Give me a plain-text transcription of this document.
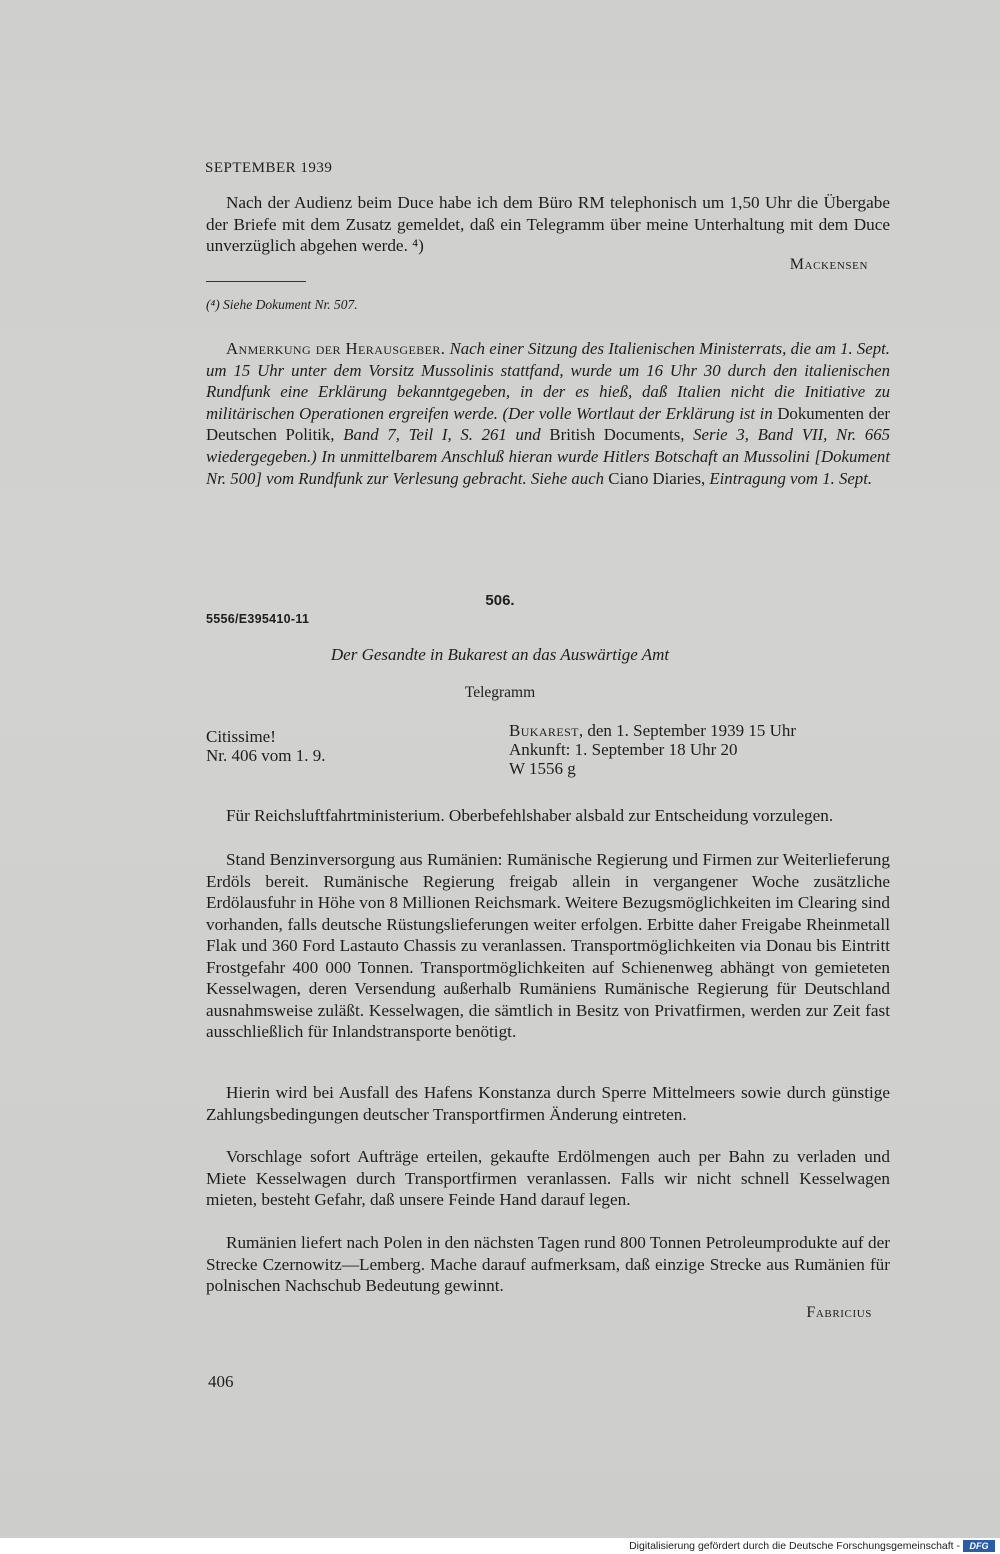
SEPTEMBER 1939
Nach der Audienz beim Duce habe ich dem Büro RM telephonisch um 1,50 Uhr die Übergabe der Briefe mit dem Zusatz gemeldet, daß ein Telegramm über meine Unterhaltung mit dem Duce unverzüglich abgehen werde. ⁴)
Mackensen
(⁴) Siehe Dokument Nr. 507.
Anmerkung der Herausgeber. Nach einer Sitzung des Italienischen Ministerrats, die am 1. Sept. um 15 Uhr unter dem Vorsitz Mussolinis stattfand, wurde um 16 Uhr 30 durch den italienischen Rundfunk eine Erklärung bekanntgegeben, in der es hieß, daß Italien nicht die Initiative zu militärischen Operationen ergreifen werde. (Der volle Wortlaut der Erklärung ist in Dokumenten der Deutschen Politik, Band 7, Teil I, S. 261 und British Documents, Serie 3, Band VII, Nr. 665 wiedergegeben.) In unmittelbarem Anschluß hieran wurde Hitlers Botschaft an Mussolini [Dokument Nr. 500] vom Rundfunk zur Verlesung gebracht. Siehe auch Ciano Diaries, Eintragung vom 1. Sept.
506.
5556/E395410-11
Der Gesandte in Bukarest an das Auswärtige Amt
Telegramm
Citissime!
Nr. 406 vom 1. 9.
Bukarest, den 1. September 1939 15 Uhr
Ankunft: 1. September 18 Uhr 20
W 1556 g
Für Reichsluftfahrtministerium. Oberbefehlshaber alsbald zur Entscheidung vorzulegen.
Stand Benzinversorgung aus Rumänien: Rumänische Regierung und Firmen zur Weiterlieferung Erdöls bereit. Rumänische Regierung freigab allein in vergangener Woche zusätzliche Erdölausfuhr in Höhe von 8 Millionen Reichsmark. Weitere Bezugsmöglichkeiten im Clearing sind vorhanden, falls deutsche Rüstungslieferungen weiter erfolgen. Erbitte daher Freigabe Rheinmetall Flak und 360 Ford Lastauto Chassis zu veranlassen. Transportmöglichkeiten via Donau bis Eintritt Frostgefahr 400 000 Tonnen. Transportmöglichkeiten auf Schienenweg abhängt von gemieteten Kesselwagen, deren Versendung außerhalb Rumäniens Rumänische Regierung für Deutschland ausnahmsweise zuläßt. Kesselwagen, die sämtlich in Besitz von Privatfirmen, werden zur Zeit fast ausschließlich für Inlandstransporte benötigt.
Hierin wird bei Ausfall des Hafens Konstanza durch Sperre Mittelmeers sowie durch günstige Zahlungsbedingungen deutscher Transportfirmen Änderung eintreten.
Vorschlage sofort Aufträge erteilen, gekaufte Erdölmengen auch per Bahn zu verladen und Miete Kesselwagen durch Transportfirmen veranlassen. Falls wir nicht schnell Kesselwagen mieten, besteht Gefahr, daß unsere Feinde Hand darauf legen.
Rumänien liefert nach Polen in den nächsten Tagen rund 800 Tonnen Petroleumprodukte auf der Strecke Czernowitz—Lemberg. Mache darauf aufmerksam, daß einzige Strecke aus Rumänien für polnischen Nachschub Bedeutung gewinnt.
Fabricius
406
Digitalisierung gefördert durch die Deutsche Forschungsgemeinschaft -	DFG
